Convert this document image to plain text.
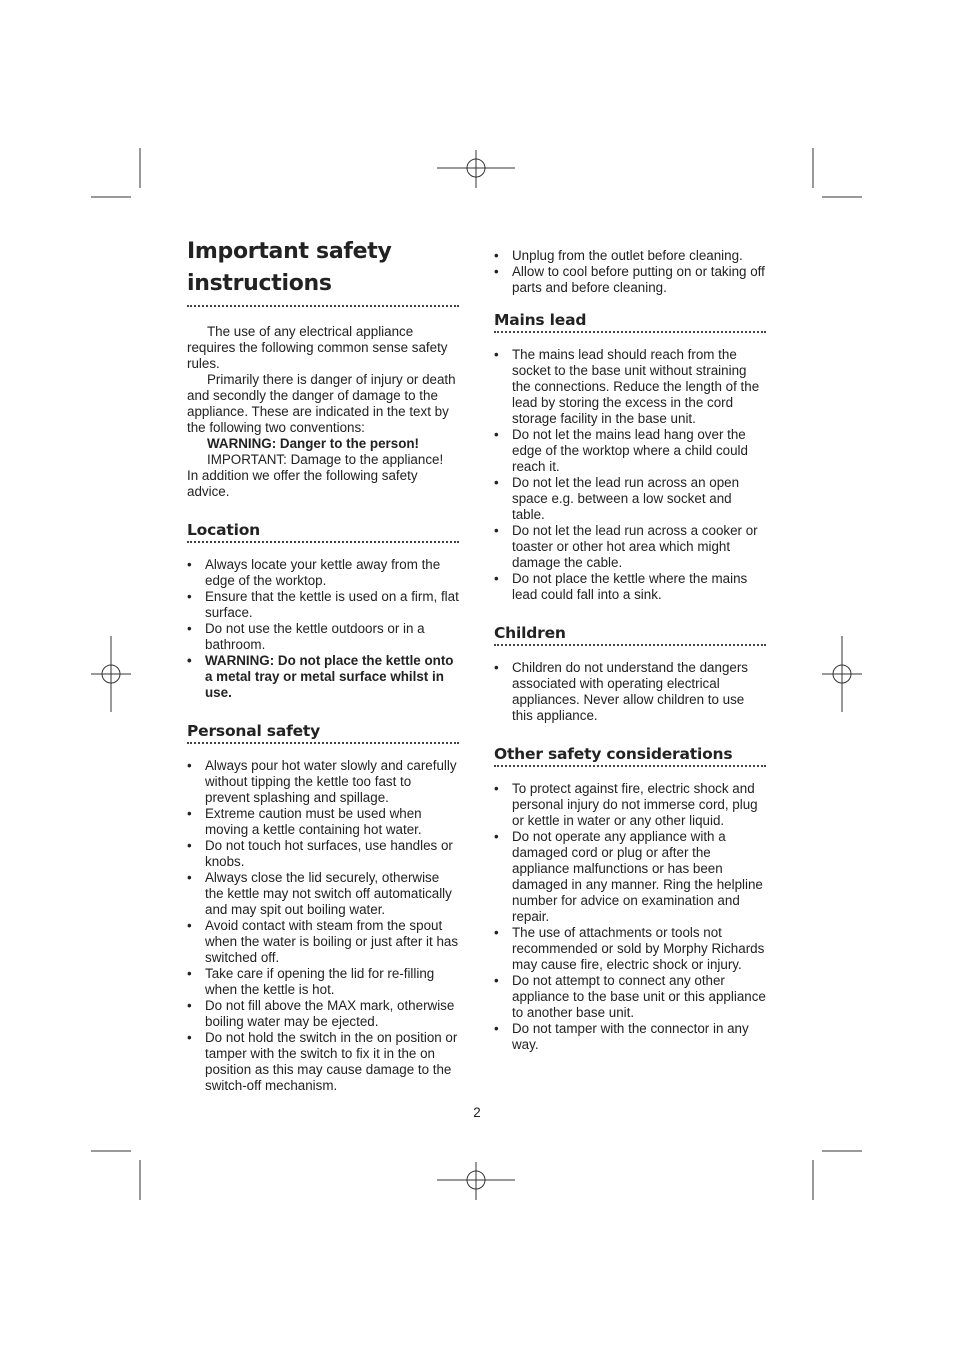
Important safety instructions

The use of any electrical appliance requires the following common sense safety rules.

Primarily there is danger of injury or death and secondly the danger of damage to the appliance. These are indicated in the text by the following two conventions:

WARNING: Danger to the person!

IMPORTANT: Damage to the appliance!

In addition we offer the following safety advice.

Location
• Always locate your kettle away from the edge of the worktop.
• Ensure that the kettle is used on a firm, flat surface.
• Do not use the kettle outdoors or in a bathroom.
• WARNING: Do not place the kettle onto a metal tray or metal surface whilst in use.
Personal safety
• Always pour hot water slowly and carefully without tipping the kettle too fast to prevent splashing and spillage.
• Extreme caution must be used when moving a kettle containing hot water.
• Do not touch hot surfaces, use handles or knobs.
• Always close the lid securely, otherwise the kettle may not switch off automatically and may spit out boiling water.
• Avoid contact with steam from the spout when the water is boiling or just after it has switched off.
• Take care if opening the lid for re-filling when the kettle is hot.
• Do not fill above the MAX mark, otherwise boiling water may be ejected.
• Do not hold the switch in the on position or tamper with the switch to fix it in the on position as this may cause damage to the switch-off mechanism.
• Unplug from the outlet before cleaning.
• Allow to cool before putting on or taking off parts and before cleaning.
Mains lead
• The mains lead should reach from the socket to the base unit without straining the connections. Reduce the length of the lead by storing the excess in the cord storage facility in the base unit.
• Do not let the mains lead hang over the edge of the worktop where a child could reach it.
• Do not let the lead run across an open space e.g. between a low socket and table.
• Do not let the lead run across a cooker or toaster or other hot area which might damage the cable.
• Do not place the kettle where the mains lead could fall into a sink.
Children
• Children do not understand the dangers associated with operating electrical appliances. Never allow children to use this appliance.
Other safety considerations
• To protect against fire, electric shock and personal injury do not immerse cord, plug or kettle in water or any other liquid.
• Do not operate any appliance with a damaged cord or plug or after the appliance malfunctions or has been damaged in any manner. Ring the helpline number for advice on examination and repair.
• The use of attachments or tools not recommended or sold by Morphy Richards may cause fire, electric shock or injury.
• Do not attempt to connect any other appliance to the base unit or this appliance to another base unit.
• Do not tamper with the connector in any way.
2
